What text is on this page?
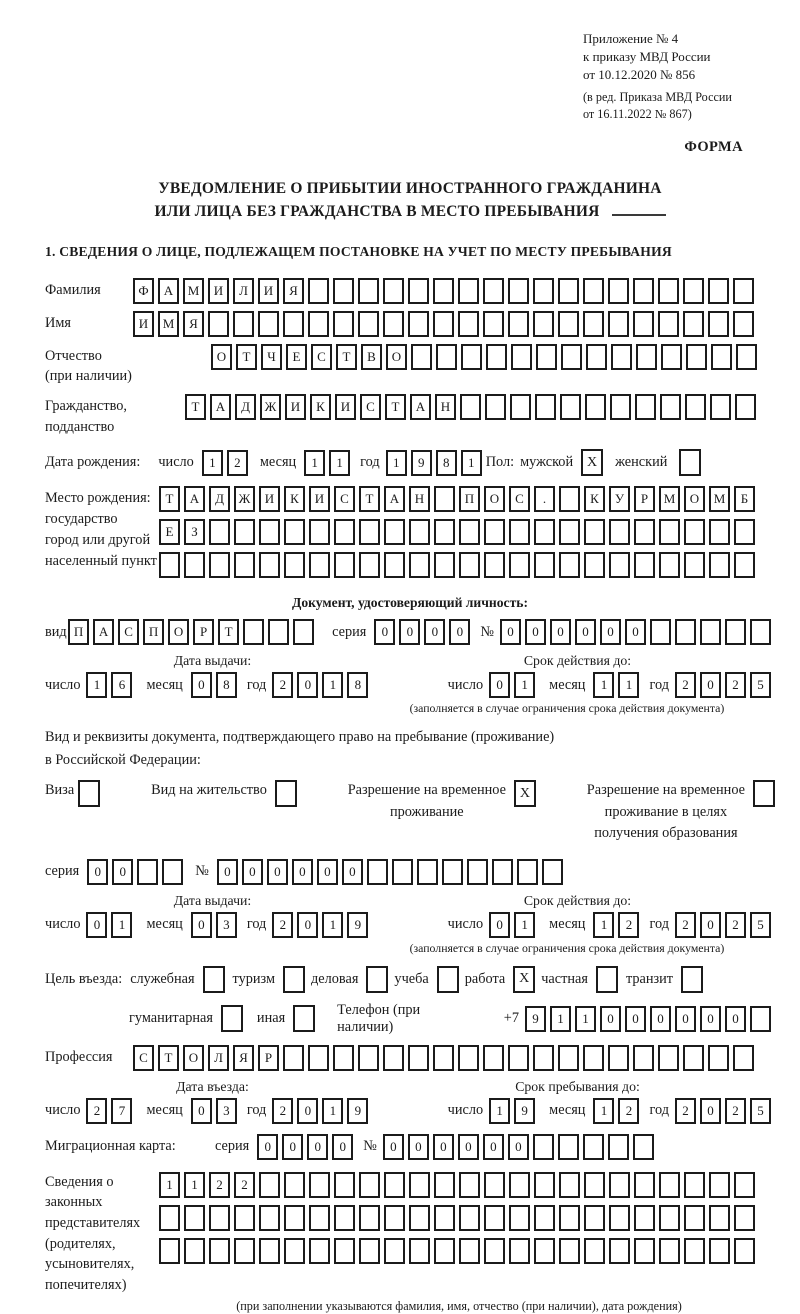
Приложение № 4
к приказу МВД России
от 10.12.2020 № 856
(в ред. Приказа МВД России
от 16.11.2022 № 867)
ФОРМА
УВЕДОМЛЕНИЕ О ПРИБЫТИИ ИНОСТРАННОГО ГРАЖДАНИНА
ИЛИ ЛИЦА БЕЗ ГРАЖДАНСТВА В МЕСТО ПРЕБЫВАНИЯ
1. СВЕДЕНИЯ О ЛИЦЕ, ПОДЛЕЖАЩЕМ ПОСТАНОВКЕ НА УЧЕТ ПО МЕСТУ ПРЕБЫВАНИЯ
Фамилия	Ф	А	М	И	Л	И	Я
Имя	И	М	Я
Отчество
(при наличии)
О	Т	Ч	Е	С	Т	В	О
Гражданство,
подданство
Т	А	Д	Ж	И	К	И	С	Т	А	Н
Дата рождения: число	1	2	месяц	1	1	год	1	9	8	1 Пол: мужской X	женский
Место рождения:
государство
город или другой
населенный пункт
Т	А	Д	Ж	И	К	И	С	Т	А	Н	П	О	С	.	К	У	Р	М	О	М	Б
Е	З
Документ, удостоверяющий личность:
вид П	А	С	П	О	Р	Т	серия	0	0	0	0	№	0	0	0	0	0	0
Дата выдачи:
число	1	6	месяц	0	8	год	2	0	1	8
Срок действия до:
число	0	1	месяц	1	1	год	2	0	2	5
(заполняется в случае ограничения срока действия документа)
Вид и реквизиты документа, подтверждающего право на пребывание (проживание)
в Российской Федерации:
Виза	Вид на жительство	Разрешение на временное
проживание
X	Разрешение на временное
проживание в целях
получения образования
серия	0	0	№	0	0	0	0	0	0
Дата выдачи:
число	0	1	месяц	0	3	год	2	0	1	9
Срок действия до:
число	0	1	месяц	1	2	год	2	0	2	5
(заполняется в случае ограничения срока действия документа)
Цель въезда: служебная	туризм	деловая	учеба	работа X частная	транзит
гуманитарная	иная
Телефон (при наличии)
+7	9	1	1	0	0	0	0	0	0
Профессия	С	Т	О	Л	Я	Р
Дата въезда:
число	2	7	месяц	0	3	год	2	0	1	9
Срок пребывания до:
число	1	9	месяц	1	2	год	2	0	2	5
Миграционная карта:	серия	0	0	0	0	№	0	0	0	0	0	0
Сведения о
законных
представителях
(родителях,
усыновителях,
попечителях)
1	1	2	2
(при заполнении указываются фамилия, имя, отчество (при наличии), дата рождения)
